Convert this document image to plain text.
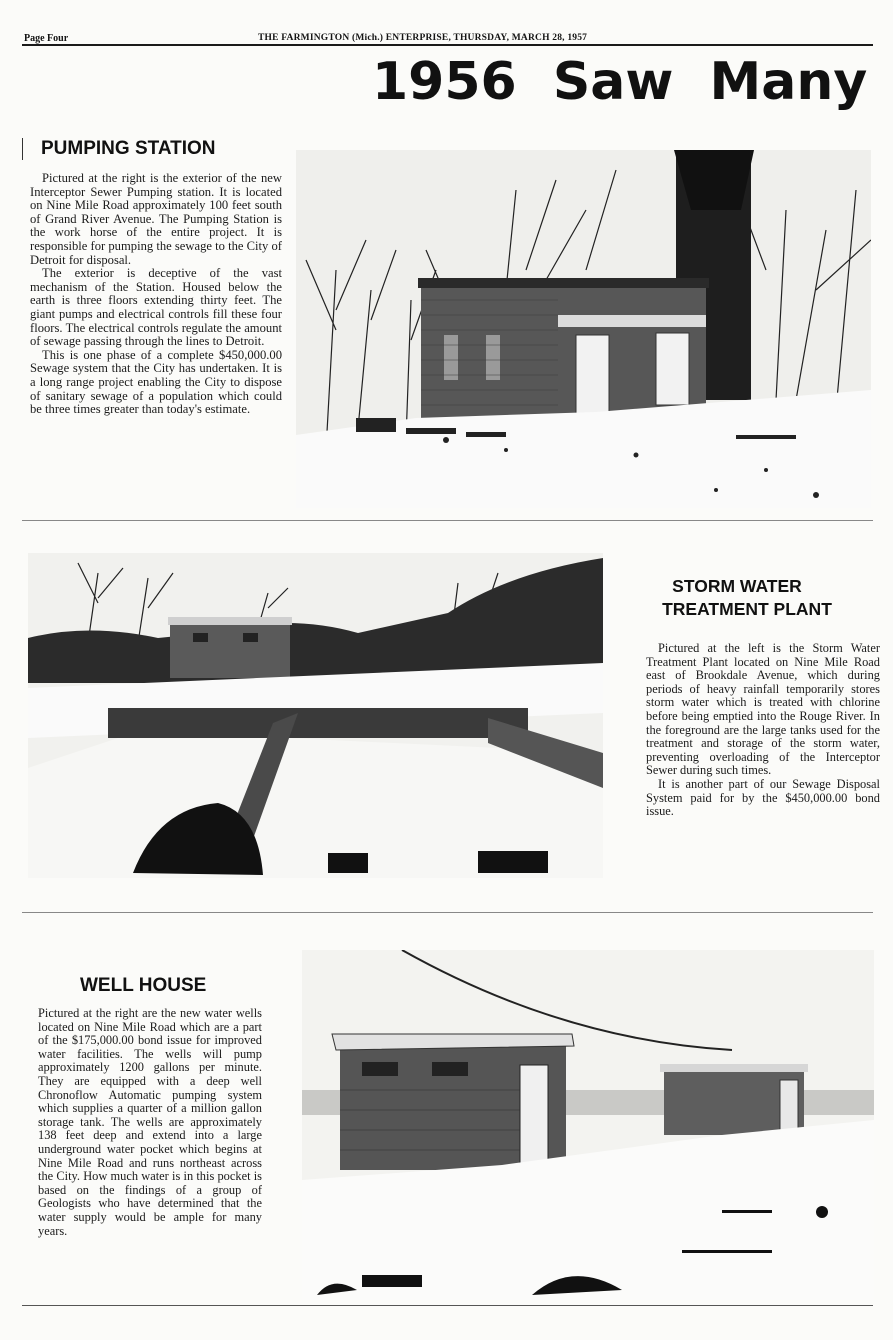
Page Four	THE FARMINGTON (Mich.) ENTERPRISE, THURSDAY, MARCH 28, 1957
1956 Saw Many
PUMPING STATION

Pictured at the right is the exterior of the new Interceptor Sewer Pumping station. It is located on Nine Mile Road approximately 100 feet south of Grand River Avenue. The Pumping Station is the work horse of the entire project. It is responsible for pumping the sewage to the City of Detroit for disposal.

The exterior is deceptive of the vast mechanism of the Station. Housed below the earth is three floors extending thirty feet. The giant pumps and electrical controls fill these four floors. The electrical controls regulate the amount of sewage passing through the lines to Detroit.

This is one phase of a complete $450,000.00 Sewage system that the City has undertaken. It is a long range project enabling the City to dispose of sanitary sewage of a population which could be three times greater than today's estimate.

STORM WATER
TREATMENT PLANT

Pictured at the left is the Storm Water Treatment Plant located on Nine Mile Road east of Brookdale Avenue, which during periods of heavy rainfall temporarily stores storm water which is treated with chlorine before being emptied into the Rouge River. In the foreground are the large tanks used for the treatment and storage of the storm water, preventing overloading of the Interceptor Sewer during such times.

It is another part of our Sewage Disposal System paid for by the $450,000.00 bond issue.

WELL HOUSE

Pictured at the right are the new water wells located on Nine Mile Road which are a part of the $175,000.00 bond issue for improved water facilities. The wells will pump approximately 1200 gallons per minute. They are equipped with a deep well Chronoflow Automatic pumping system which supplies a quarter of a million gallon storage tank. The wells are approximately 138 feet deep and extend into a large underground water pocket which begins at Nine Mile Road and runs northeast across the City. How much water is in this pocket is based on the findings of a group of Geologists who have determined that the water supply would be ample for many years.
